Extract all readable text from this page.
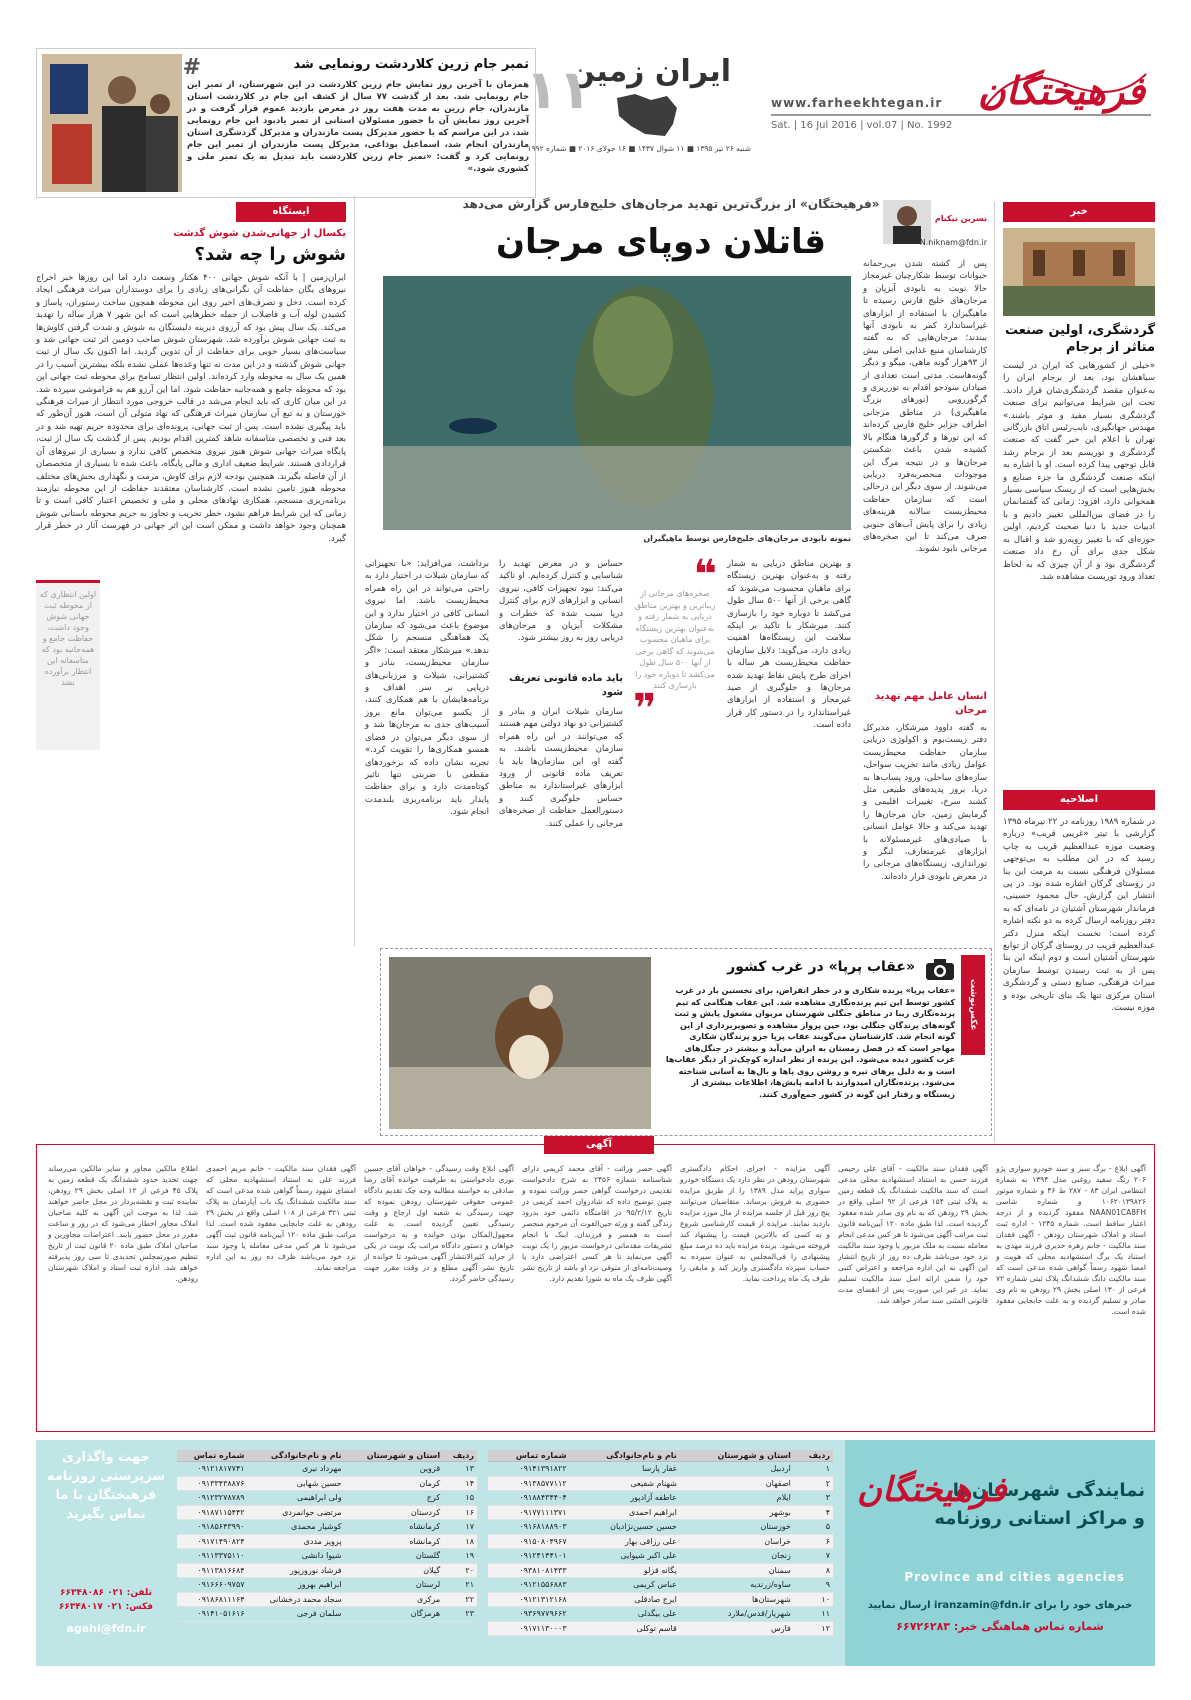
فرهیختگان
www.farheekhtegan.ir
Sat. | 16 Jul 2016 | vol.07 | No. 1992
ایران زمین
شنبه ۲۶ تیر ۱۳۹۵ ■ ۱۱ شوال ۱۴۳۷ ■ ۱۶ جولای ۲۰۱۶ ■ شماره ۱۹۹۲
۱۱
#	تمبر جام زرین کلاردشت رونمایی شد
همزمان با آخرین روز نمایش جام زرین کلاردشت در این شهرستان، از تمبر این جام رونمایی شد. بعد از گذشت ۷۷ سال از کشف این جام در کلاردشت استان مازندران، جام زرین به مدت هفت روز در معرض بازدید عموم قرار گرفت و در آخرین روز نمایش آن با حضور مسئولان استانی از تمبر یادبود این جام رونمایی شد. در این مراسم که با حضور مدیرکل پست مازندران و مدیرکل گردشگری استان مازندران انجام شد، اسماعیل بوذاعی، مدیرکل پست مازندران از تمبر این جام رونمایی کرد و گفت: «تمبر جام زرین کلاردشت باید تبدیل به یک تمبر ملی و کشوری شود.»
خبر
گردشگری، اولین صنعت متاثر از برجام
«خیلی از کشورهایی که ایران در لیست سیاهشان بود، بعد از برجام ایران را به‌عنوان مقصد گردشگری‌شان قرار دادند. تحت این شرایط می‌توانیم برای صنعت گردشگری بسیار مفید و موثر باشند.» مهندس جهانگیری، نایب‌رئیس اتاق بازرگانی تهران با اعلام این خبر گفت که صنعت گردشگری و توریسم بعد از برجام رشد قابل توجهی پیدا کرده است. او با اشاره به اینکه صنعت گردشگری ما جزء صنایع و بخش‌هایی است که از ریسک سیاسی بسیار همخوانی دارد، افزود: زمانی که گفتمانمان را در فضای بین‌المللی تغییر دادیم و با ادبیات جدید با دنیا صحبت کردیم، اولین حوزه‌ای که با تغییر رویه‌رو شد و اقبال به شکل جدی برای آن رخ داد صنعت گردشگری بود و از آن چیزی که به لحاظ تعداد ورود توریست مشاهده شد.
اصلاحیه
در شماره ۱۹۸۹ روزنامه در ۲۲ تیرماه ۱۳۹۵ گزارشی با تیتر «غریبی قریب» درباره وضعیت موزه عبدالعظیم قریب به چاپ رسید که در این مطلب به بی‌توجهی مسئولان فرهنگی نسبت به مرمت این بنا در روستای گرکان اشاره شده بود. در پی انتشار این گزارش، حال محمود حسینی، فرماندار شهرستان آشتیان در نامه‌ای که به دفتر روزنامه ارسال کرده به دو نکته اشاره کرده است: نخست اینکه منزل دکتر عبدالعظیم قریب در روستای گرکان از توابع شهرستان آشتیان است و دوم اینکه این بنا پس از به ثبت رسیدن توسط سازمان میراث فرهنگی، صنایع دستی و گردشگری استان مرکزی تنها یک بنای تاریخی بوده و موزه نیست.
«فرهیختگان» از بزرگ‌ترین تهدید مرجان‌های خلیج‌فارس گزارش می‌دهد
قاتلان دوپای مرجان
نسرین نیکنام
N.niknam@fdn.ir
پس از کشته شدن بی‌رحمانه حیوانات توسط شکارچیان غیرمجاز حالا نوبت به نابودی آبزیان و مرجان‌های خلیج فارس رسیده تا ماهیگیران با استفاده از ابزارهای غیراستاندارد کمر به نابودی آنها ببندند؛ مرجان‌هایی که به گفته کارشناسان منبع غذایی اصلی بیش از ۹۳هزار گونه ماهی، میگو و دیگر گونه‌هاست. مدتی است تعدادی از صیادان سودجو اقدام به تورریزی و گرگوررویی (تورهای بزرگ ماهیگیری) در مناطق مرجانی اطراف جزایر خلیج فارس کرده‌اند که این تورها و گرگورها هنگام بالا کشیده شدن باعث شکستن مرجان‌ها و در نتیجه مرگ این موجودات منحصربه‌فرد دریایی می‌شوند. از سوی دیگر این درحالی است که سازمان حفاظت محیط‌زیست سالانه هزینه‌های زیادی را برای پایش آب‌های جنوبی صرف می‌کند تا این صخره‌های مرجانی نابود نشوند.
انسان عامل مهم تهدید مرجان
به گفته داوود میرشکار، مدیرکل دفتر زیست‌بوم و اکولوژی دریایی سازمان حفاظت محیط‌زیست عوامل زیادی مانند تخریب سواحل، سازه‌های ساحلی، ورود پساب‌ها به دریا، بروز پدیده‌های طبیعی مثل کشند سرخ، تغییرات اقلیمی و گرمایش زمین، جان مرجان‌ها را تهدید می‌کند و حالا عوامل انسانی با صیادی‌های غیرمسئولانه با ابزارهای غیرمتعارف، لنگر و توراندازی، زیستگاه‌های مرجانی را در معرض نابودی قرار داده‌اند.
نمونه نابودی مرجان‌های خلیج‌فارس توسط ماهیگیران
و بهترین مناطق دریایی به شمار رفته و به‌عنوان بهترین زیستگاه برای ماهیان محسوب می‌شوند که گاهی برخی از آنها ۵۰۰ سال طول می‌کشد تا دوباره خود را بازسازی کنند. میرشکار با تاکید بر اینکه سلامت این زیستگاه‌ها اهمیت زیادی دارد، می‌گوید: دلایل سازمان حفاظت محیط‌زیست هر ساله با اجرای طرح پایش نقاط تهدید شده مرجان‌ها و جلوگیری از صید غیرمجاز و استفاده از ابزارهای غیراستاندارد را در دستور کار قرار داده است.
❝
صخره‌های مرجانی از زیباترین و بهترین مناطق دریایی به شمار رفته و به‌عنوان بهترین زیستگاه برای ماهیان محسوب می‌شوند که گاهی برخی از آنها ۵۰۰ سال طول می‌کشد تا دوباره خود را بازسازی کنند
❞
حساس و در معرض تهدید را شناسایی و کنترل کرده‌ایم. او تاکید می‌کند: نبود تجهیزات کافی، نیروی انسانی و ابزارهای لازم برای کنترل دریا سبب شده که خطرات و مشکلات آبزیان و مرجان‌های دریایی روز به روز بیشتر شود.
باید ماده قانونی تعریف شود
سازمان شیلات ایران و بنادر و کشتیرانی دو نهاد دولتی مهم هستند که می‌توانند در این راه همراه سازمان محیط‌زیست باشند. به گفته او، این سازمان‌ها باید با تعریف ماده قانونی از ورود ابزارهای غیراستاندارد به مناطق حساس جلوگیری کنند و دستورالعمل حفاظت از صخره‌های مرجانی را عملی کنند.
برداشت، می‌افزاید: «با تجهیزاتی که سازمان شیلات در اختیار دارد به راحتی می‌تواند در این راه همراه محیط‌زیست باشد. اما نیروی انسانی کافی در اختیار ندارد و این موضوع باعث می‌شود که سازمان یک هماهنگی منسجم را شکل ندهد.» میرشکار معتقد است: «اگر سازمان محیط‌زیست، بنادر و کشتیرانی، شیلات و مرزبانی‌های دریایی بر سر اهداف و برنامه‌هایشان با هم همکاری کنند، از یکسو می‌توان مانع بروز آسیب‌های جدی به مرجان‌ها شد و از سوی دیگر می‌توان در فضای همسو همکاری‌ها را تقویت کرد.» تجربه نشان داده که برخوردهای مقطعی با ضربتی تنها تاثیر کوتاه‌مدت دارد و برای حفاظت پایدار باید برنامه‌ریزی بلندمدت انجام شود.
ایستگاه
یکسال از جهانی‌شدن شوش گذشت
شوش را چه شد؟
ایران‌زمین | با آنکه شوش جهانی ۴۰۰ هکتار وسعت دارد اما این روزها خبر اخراج نیروهای یگان حفاظت آن نگرانی‌های زیادی را برای دوستداران میراث فرهنگی ایجاد کرده است. دخل و تصرف‌های اخیر روی این محوطه همچون ساخت رستوران، پاساژ و کشیدن لوله آب و فاضلاب از جمله خطرهایی است که این شهر ۷ هزار ساله را تهدید می‌کند. یک سال پیش بود که آرزوی دیرینه دلبستگان به شوش و شدت گرفتن کاوش‌ها به ثبت جهانی شوش برآورده شد. شهرستان شوش صاحب دومین اثر ثبت جهانی شد و سیاست‌های بسیار خوبی برای حفاظت از آن تدوین گردید. اما اکنون یک سال از ثبت جهانی شوش گذشته و در این مدت نه تنها وعده‌ها عملی نشده بلکه بیشترین آسیب را در همین یک سال به محوطه وارد کرده‌اند. اولین انتظار تسامح برای محوطه ثبت جهانی این بود که محوطه جامع و همه‌جانبه حفاظت شود. اما این آرزو هم به فراموشی سپرده شد. در این میان کاری که باید انجام می‌شد در قالب خروجی مورد انتظار از میراث فرهنگی خوزستان و به تبع آن سازمان میراث فرهنگی که نهاد متولی آن است، هنوز آن‌طور که باید پیگیری نشده است. پس از ثبت جهانی، پرونده‌ای برای محدوده حریم تهیه شد و در بعد فنی و تخصصی متاسفانه شاهد کمترین اقدام بودیم. پس از گذشت یک سال از ثبت، پایگاه میراث جهانی شوش هنوز نیروی متخصص کافی ندارد و بسیاری از نیروهای آن قراردادی هستند. شرایط ضعیف اداری و مالی پایگاه، باعث شده تا بسیاری از متخصصان از آن فاصله بگیرند. همچنین بودجه لازم برای کاوش، مرمت و نگهداری بخش‌های مختلف محوطه هنوز تامین نشده است. کارشناسان معتقدند حفاظت از این محوطه نیازمند برنامه‌ریزی منسجم، همکاری نهادهای محلی و ملی و تخصیص اعتبار کافی است و تا زمانی که این شرایط فراهم نشود، خطر تخریب و تجاوز به حریم محوطه باستانی شوش همچنان وجود خواهد داشت و ممکن است این اثر جهانی در فهرست آثار در خطر قرار گیرد.
اولین انتظاری که از محوطه ثبت جهانی شوش وجود داشت، حفاظت جامع و همه‌جانبه بود که متاسفانه این انتظار برآورده نشد
عکس‌نوشت
«عقاب پرپا» در غرب کشور
«عقاب پرپا» پرنده‌ شکاری و در خطر انقراض، برای نخستین بار در غرب کشور توسط این تیم پرنده‌نگاری مشاهده شد. این عقاب هنگامی که تیم پرنده‌نگاری زیبا در مناطق جنگلی شهرستان مریوان مشغول پایش و ثبت گونه‌های پرندگان جنگلی بود، حین پرواز مشاهده و تصویربرداری از این گونه انجام شد. کارشناسان می‌گویند عقاب پرپا جزو پرندگان شکاری مهاجر است که در فصل زمستان به ایران می‌آید و بیشتر در جنگل‌های غرب کشور دیده می‌شود. این پرنده از نظر اندازه کوچک‌تر از دیگر عقاب‌ها است و به دلیل پرهای تیره و روشن روی پاها و بال‌ها به آسانی شناخته می‌شود. پرنده‌نگاران امیدوارند با ادامه پایش‌ها، اطلاعات بیشتری از زیستگاه و رفتار این گونه در کشور جمع‌آوری کنند.
آگهی
آگهی ابلاغ - برگ سبز و سند خودرو سواری پژو ۲۰۶ رنگ سفید روغنی مدل ۱۳۹۴ به شماره انتظامی ایران ۸۳ - ۲۸۷ ط ۴۶ و شماره موتور ۱۰۶۲۰۱۳۹۸۲۶ و شماره شاسی NAAN01CA8FH مفقود گردیده و از درجه اعتبار ساقط است. شماره ۱۲۴۵ - اداره ثبت اسناد و املاک شهرستان رودهن - آگهی فقدان سند مالکیت - خانم زهره خدیری فرزند مهدی به استناد یک برگ استشهادیه محلی که هویت و امضا شهود رسماً گواهی شده مدعی است که سند مالکیت دانگ ششدانگ پلاک ثبتی شماره ۷۲ فرعی از ۱۳۰ اصلی بخش ۲۹ رودهن به نام وی صادر و تسلیم گردیده و به علت جابجایی مفقود شده است.
آگهی فقدان سند مالکیت - آقای علی رحیمی فرزند حسن به استناد استشهادیه محلی مدعی است که سند مالکیت ششدانگ یک قطعه زمین به پلاک ثبتی ۱۵۴ فرعی از ۹۲ اصلی واقع در بخش ۲۹ رودهن که به نام وی صادر شده مفقود گردیده است. لذا طبق ماده ۱۲۰ آیین‌نامه قانون ثبت مراتب آگهی می‌شود تا هر کس مدعی انجام معامله نسبت به ملک مزبور یا وجود سند مالکیت نزد خود می‌باشد ظرف ده روز از تاریخ انتشار این آگهی به این اداره مراجعه و اعتراض کتبی خود را ضمن ارائه اصل سند مالکیت تسلیم نماید. در غیر این صورت پس از انقضای مدت قانونی المثنی سند صادر خواهد شد.
آگهی مزایده - اجرای احکام دادگستری شهرستان رودهن در نظر دارد یک دستگاه خودرو سواری پراید مدل ۱۳۸۹ را از طریق مزایده حضوری به فروش برساند. متقاضیان می‌توانند پنج روز قبل از جلسه مزایده از مال مورد مزایده بازدید نمایند. مزایده از قیمت کارشناسی شروع و به کسی که بالاترین قیمت را پیشنهاد کند فروخته می‌شود. برنده مزایده باید ده درصد مبلغ پیشنهادی را فی‌المجلس به عنوان سپرده به حساب سپرده دادگستری واریز کند و مابقی را ظرف یک ماه پرداخت نماید.
آگهی حصر وراثت - آقای محمد کریمی دارای شناسنامه شماره ۲۴۵۶ به شرح دادخواست تقدیمی درخواست گواهی حصر وراثت نموده و چنین توضیح داده که شادروان احمد کریمی در تاریخ ۹۵/۲/۱۲ در اقامتگاه دائمی خود بدرود زندگی گفته و ورثه حین‌الفوت آن مرحوم منحصر است به همسر و فرزندان. اینک با انجام تشریفات مقدماتی درخواست مزبور را یک نوبت آگهی می‌نماید تا هر کسی اعتراضی دارد یا وصیت‌نامه‌ای از متوفی نزد او باشد از تاریخ نشر آگهی ظرف یک ماه به شورا تقدیم دارد.
آگهی ابلاغ وقت رسیدگی - خواهان آقای حسین نوری دادخواستی به طرفیت خوانده آقای رضا صادقی به خواسته مطالبه وجه چک تقدیم دادگاه عمومی حقوقی شهرستان رودهن نموده که جهت رسیدگی به شعبه اول ارجاع و وقت رسیدگی تعیین گردیده است. به علت مجهول‌المکان بودن خوانده و به درخواست خواهان و دستور دادگاه مراتب یک نوبت در یکی از جراید کثیرالانتشار آگهی می‌شود تا خوانده از تاریخ نشر آگهی مطلع و در وقت مقرر جهت رسیدگی حاضر گردد.
آگهی فقدان سند مالکیت - خانم مریم احمدی فرزند علی به استناد استشهادیه محلی که امضای شهود رسماً گواهی شده مدعی است که سند مالکیت ششدانگ یک باب آپارتمان به پلاک ثبتی ۳۲۱ فرعی از ۱۰۸ اصلی واقع در بخش ۲۹ رودهن به علت جابجایی مفقود شده است. لذا مراتب طبق ماده ۱۲۰ آیین‌نامه قانون ثبت آگهی می‌شود تا هر کس مدعی معامله یا وجود سند نزد خود می‌باشد ظرف ده روز به این اداره مراجعه نماید.
اطلاع مالکین مجاور و سایر مالکین می‌رساند جهت تحدید حدود ششدانگ یک قطعه زمین به پلاک ۴۵ فرعی از ۱۲ اصلی بخش ۲۹ رودهن، نماینده ثبت و نقشه‌بردار در محل حاضر خواهند شد. لذا به موجب این آگهی به کلیه صاحبان املاک مجاور اخطار می‌شود که در روز و ساعت مقرر در محل حضور یابند. اعتراضات مجاورین و صاحبان املاک طبق ماده ۲۰ قانون ثبت از تاریخ تنظیم صورتمجلس تحدیدی تا سی روز پذیرفته خواهد شد. اداره ثبت اسناد و املاک شهرستان رودهن.
نمایندگی شهرستان‌ها
و مراکز استانی روزنامه
فرهیختگان
Province and cities agencies
خبرهای خود را برای iranzamin@fdn.ir ارسال نمایید
شماره تماس هماهنگی خبر: ۶۶۷۲۶۲۸۳
ردیف	استان و شهرستان	نام و نام‌خانوادگی	شماره تماس
۱	اردبیل	غفار پارسا	۰۹۱۴۱۳۹۱۸۲۲
۲	اصفهان	شهنام شفیعی	۰۹۱۳۸۵۷۷۱۱۲
۳	ایلام	عاطفه آزادپور	۰۹۱۸۸۴۳۴۴۰۴
۴	بوشهر	ابراهیم احمدی	۰۹۱۷۷۱۱۱۳۷۱
۵	خوزستان	حسین حسین‌نژادیان	۰۹۱۶۸۱۸۸۹۰۳
۶	خراسان	علی رزاقی بهار	۰۹۱۵۰۸۰۴۹۶۷
۷	زنجان	علی اکبر شیوایی	۰۹۱۲۴۱۴۴۱۰۱
۸	سمنان	یگانه قزلو	۰۹۳۸۱۰۸۱۴۳۳
۹	ساوه/زرندیه	عباس کریمی	۰۹۱۲۱۵۵۶۸۸۳
۱۰	شهرستان‌ها	ایرج صادقلی	۰۹۱۲۱۳۱۲۱۶۸
۱۱	شهریار/قدس/ملارد	علی بیگدلی	۰۹۳۶۹۷۷۹۶۶۲
۱۲	فارس	قاسم توکلی	۰۹۱۷۱۱۳۰۰۰۳
ردیف	استان و شهرستان	نام و نام‌خانوادگی	شماره تماس
۱۳	قزوین	مهرداد نیری	۰۹۱۲۱۸۱۷۷۴۱
۱۴	کرمان	حسین شهابی	۰۹۱۳۳۴۳۸۸۷۶
۱۵	کرج	ولی ابراهیمی	۰۹۱۲۳۲۷۸۷۸۹
۱۶	کردستان	مرتضی جوانمردی	۰۹۱۸۷۱۱۵۴۴۲
۱۷	کرمانشاه	کوشیار محمدی	۰۹۱۸۵۶۴۳۹۹۰
۱۸	کرمانشاه	پرویز مددی	۰۹۱۷۱۴۹۰۸۲۴
۱۹	گلستان	شیوا دانشی	۰۹۱۱۳۳۷۵۱۱۰
۲۰	گیلان	فرشاد نوروزپور	۰۹۱۱۳۸۱۶۶۸۴
۲۱	لرستان	ابراهیم بهروز	۰۹۱۶۶۶۰۹۷۵۷
۲۲	مرکزی	سجاد محمد درخشانی	۰۹۱۸۶۸۱۱۱۶۴
۲۳	هرمزگان	سلمان فرجی	۰۹۱۴۱۰۵۱۶۱۶
جهت واگذاری سرپرستی روزنامه فرهیختگان با ما تماس بگیرید
تلفن: ۰۲۱ ۶۶۳۴۸۰۸۶
فکس: ۰۲۱ ۶۶۳۴۸۰۱۷
agahi@fdn.ir
